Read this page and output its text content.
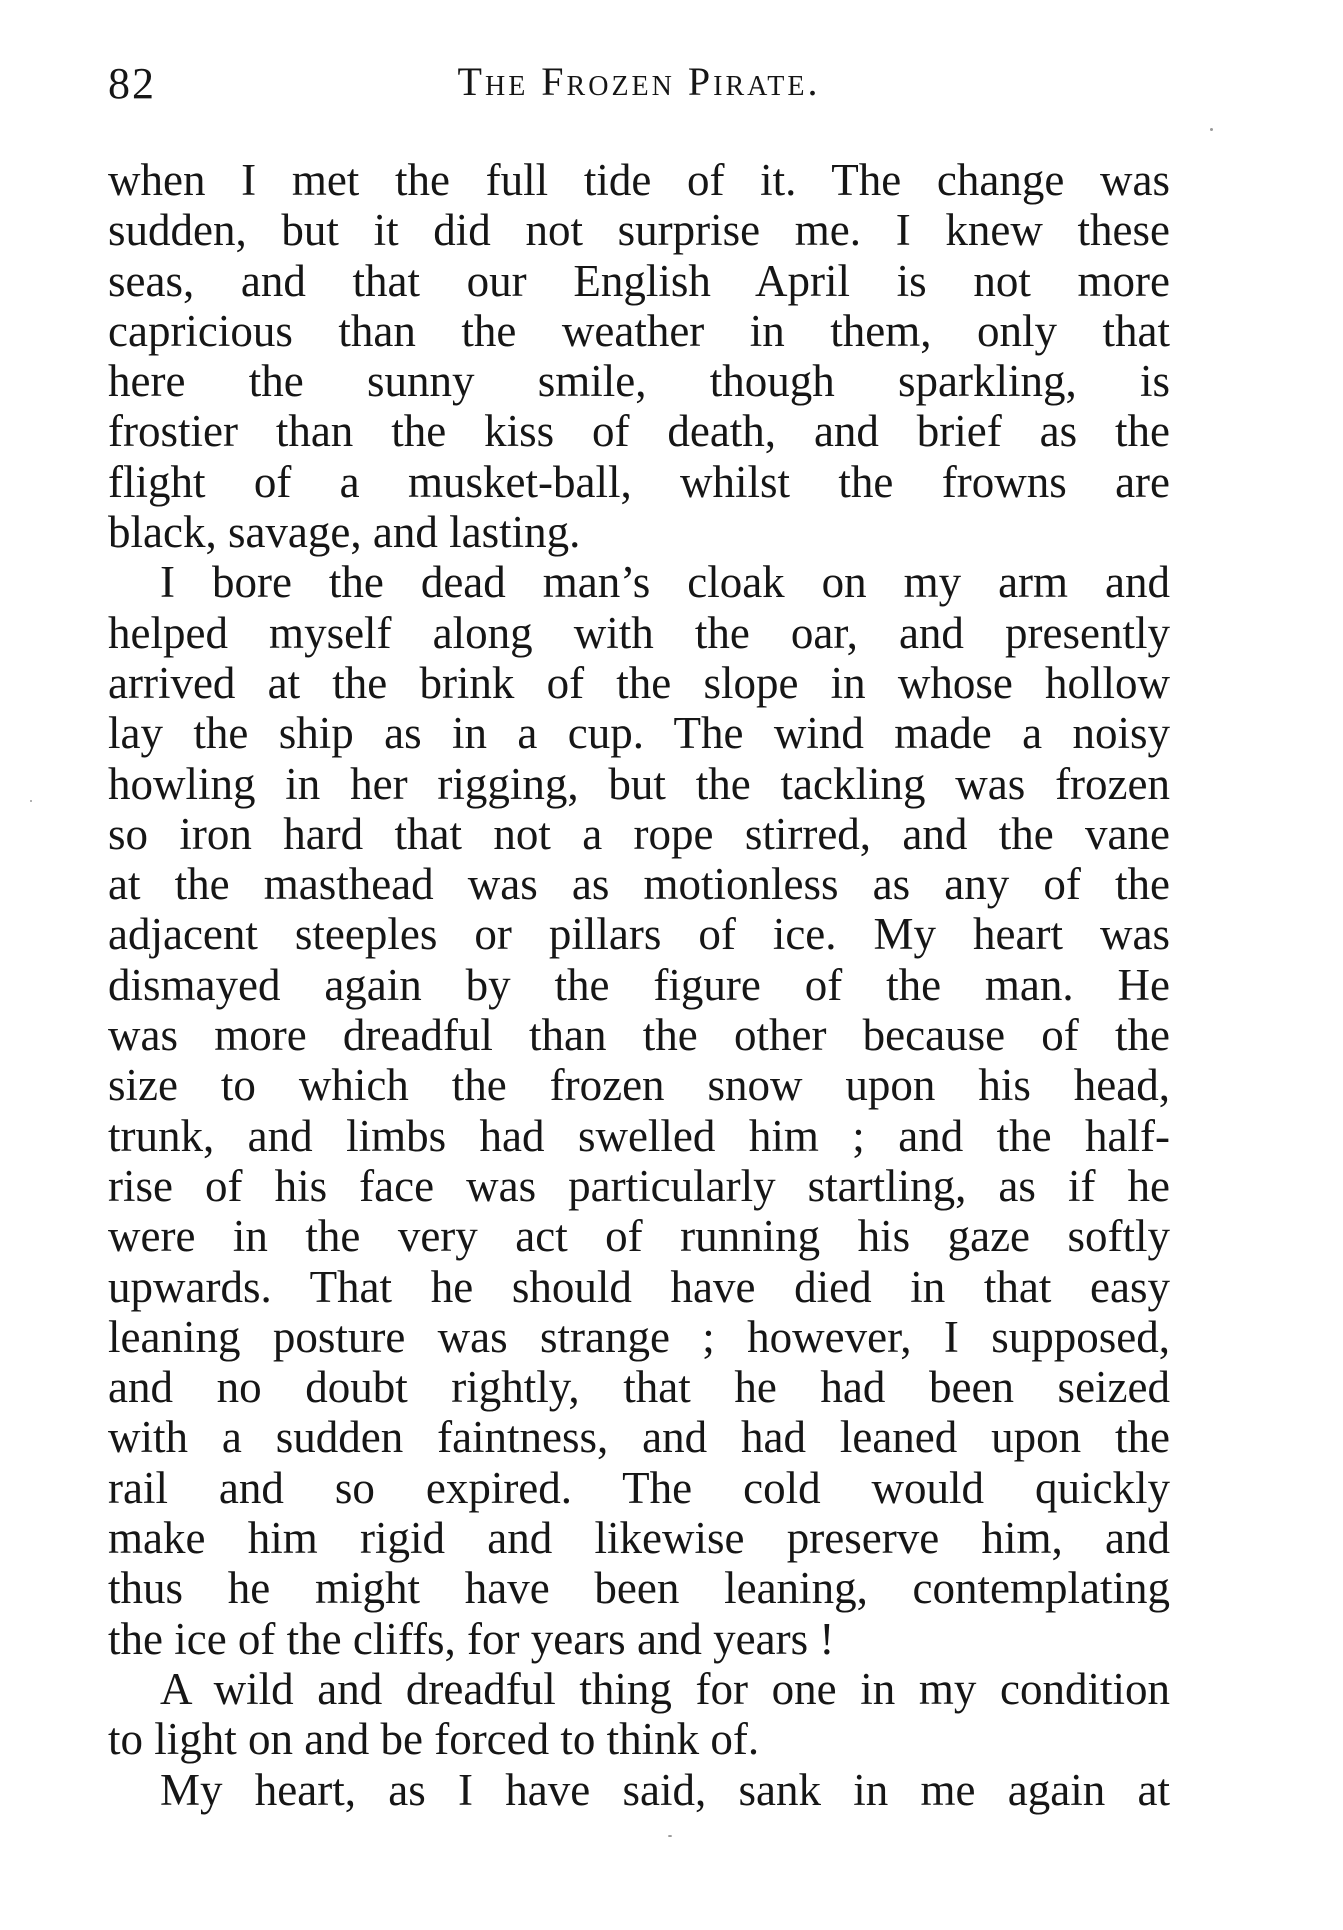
82	The Frozen Pirate.
when I met the full tide of it. The change was
sudden, but it did not surprise me. I knew these
seas, and that our English April is not more
capricious than the weather in them, only that
here the sunny smile, though sparkling, is
frostier than the kiss of death, and brief as the
flight of a musket-ball, whilst the frowns are
black, savage, and lasting.
I bore the dead man’s cloak on my arm and
helped myself along with the oar, and presently
arrived at the brink of the slope in whose hollow
lay the ship as in a cup. The wind made a noisy
howling in her rigging, but the tackling was frozen
so iron hard that not a rope stirred, and the vane
at the masthead was as motionless as any of the
adjacent steeples or pillars of ice. My heart was
dismayed again by the figure of the man. He
was more dreadful than the other because of the
size to which the frozen snow upon his head,
trunk, and limbs had swelled him ; and the half-
rise of his face was particularly startling, as if he
were in the very act of running his gaze softly
upwards. That he should have died in that easy
leaning posture was strange ; however, I supposed,
and no doubt rightly, that he had been seized
with a sudden faintness, and had leaned upon the
rail and so expired. The cold would quickly
make him rigid and likewise preserve him, and
thus he might have been leaning, contemplating
the ice of the cliffs, for years and years !
A wild and dreadful thing for one in my condition
to light on and be forced to think of.
My heart, as I have said, sank in me again at
